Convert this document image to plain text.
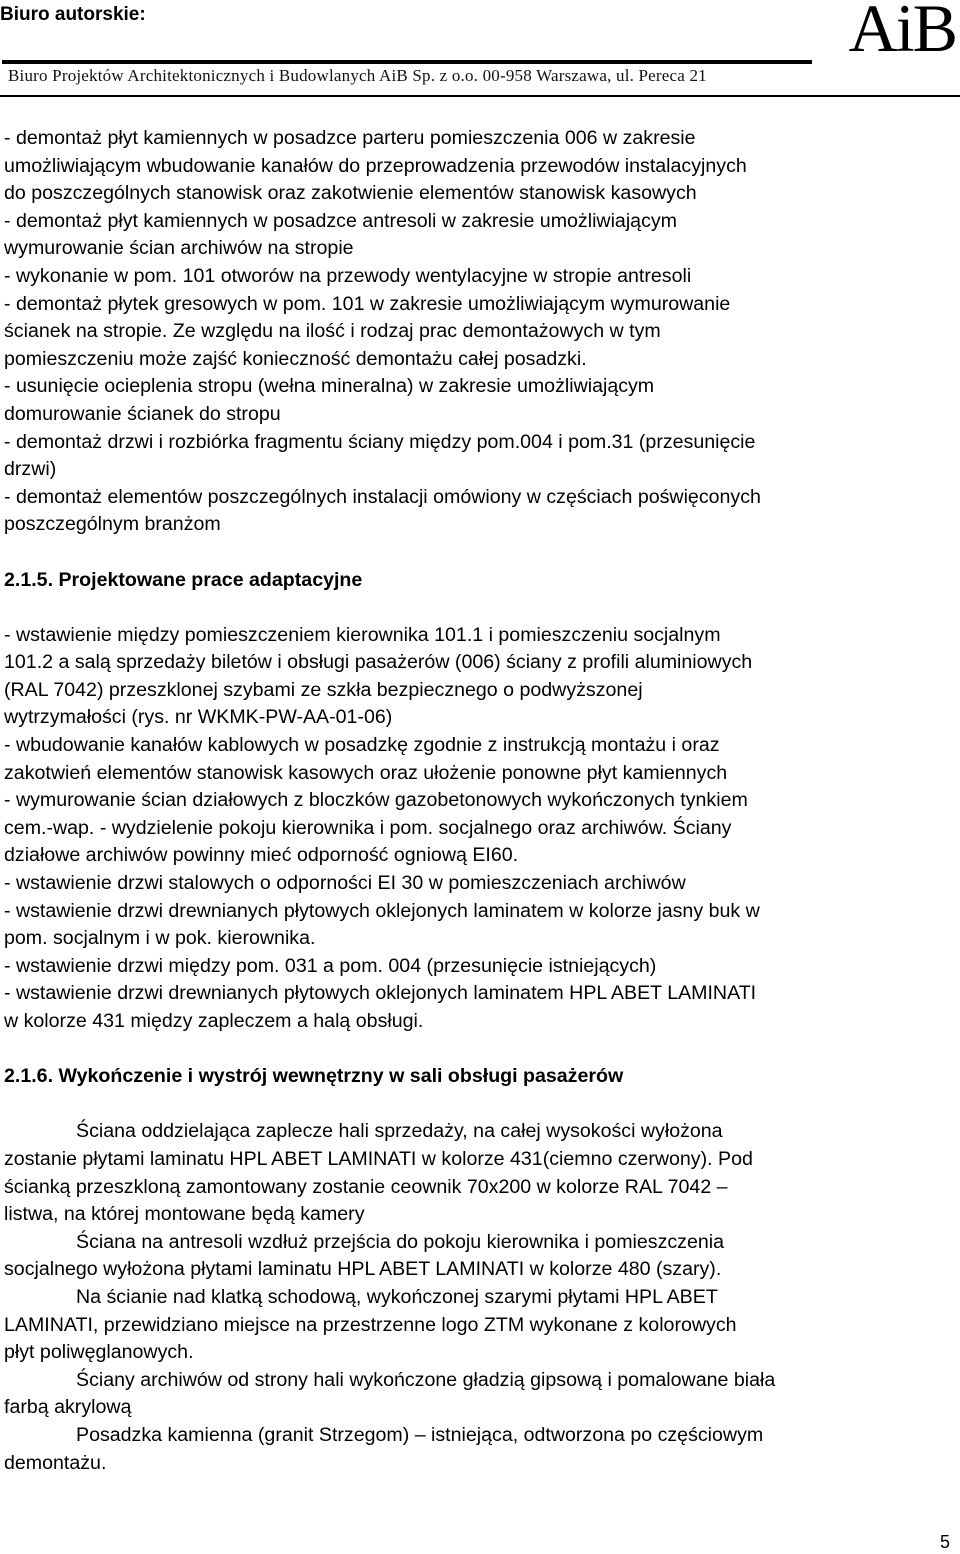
Biuro autorskie:
Biuro Projektów Architektonicznych i Budowlanych AiB Sp. z o.o. 00-958 Warszawa, ul. Pereca 21
AiB
- demontaż płyt kamiennych w posadzce parteru pomieszczenia 006 w zakresie
umożliwiającym wbudowanie kanałów do przeprowadzenia przewodów instalacyjnych
do poszczególnych stanowisk oraz zakotwienie elementów stanowisk kasowych
- demontaż płyt kamiennych w posadzce antresoli w zakresie umożliwiającym
wymurowanie ścian archiwów na stropie
- wykonanie w pom. 101 otworów na przewody wentylacyjne w stropie antresoli
- demontaż płytek gresowych w pom. 101 w zakresie umożliwiającym wymurowanie
ścianek na stropie. Ze względu na ilość i rodzaj prac demontażowych w tym
pomieszczeniu może zajść konieczność demontażu całej posadzki.
- usunięcie ocieplenia stropu (wełna mineralna) w zakresie umożliwiającym
domurowanie ścianek do stropu
- demontaż drzwi i rozbiórka fragmentu ściany między pom.004 i pom.31 (przesunięcie
drzwi)
- demontaż elementów poszczególnych instalacji omówiony w częściach poświęconych
poszczególnym branżom
2.1.5. Projektowane prace adaptacyjne
- wstawienie między pomieszczeniem kierownika 101.1 i pomieszczeniu socjalnym
101.2 a salą sprzedaży biletów i obsługi pasażerów (006) ściany z profili aluminiowych
(RAL 7042) przeszklonej szybami ze szkła bezpiecznego o podwyższonej
wytrzymałości (rys. nr WKMK-PW-AA-01-06)
- wbudowanie kanałów kablowych w posadzkę zgodnie z instrukcją montażu i oraz
zakotwień elementów stanowisk kasowych oraz ułożenie ponowne płyt kamiennych
- wymurowanie ścian działowych z bloczków gazobetonowych wykończonych tynkiem
cem.-wap. - wydzielenie pokoju kierownika i pom. socjalnego oraz archiwów. Ściany
działowe archiwów powinny mieć odporność ogniową EI60.
- wstawienie drzwi stalowych o odporności EI 30 w pomieszczeniach archiwów
- wstawienie drzwi drewnianych płytowych oklejonych laminatem w kolorze jasny buk w
pom. socjalnym i w pok. kierownika.
- wstawienie drzwi między pom. 031 a pom. 004 (przesunięcie istniejących)
- wstawienie drzwi drewnianych płytowych oklejonych laminatem HPL ABET LAMINATI
w kolorze 431 między zapleczem a halą obsługi.
2.1.6. Wykończenie i wystrój wewnętrzny w sali obsługi pasażerów
Ściana oddzielająca zaplecze hali sprzedaży, na całej wysokości wyłożona
zostanie płytami laminatu HPL ABET LAMINATI w kolorze 431(ciemno czerwony). Pod
ścianką przeszkloną zamontowany zostanie ceownik 70x200 w kolorze RAL 7042 –
listwa, na której montowane będą kamery
Ściana na antresoli wzdłuż przejścia do pokoju kierownika i pomieszczenia
socjalnego wyłożona płytami laminatu HPL ABET LAMINATI w kolorze 480 (szary).
Na ścianie nad klatką schodową, wykończonej szarymi płytami HPL ABET
LAMINATI, przewidziano miejsce na przestrzenne logo ZTM wykonane z kolorowych
płyt poliwęglanowych.
Ściany archiwów od strony hali wykończone gładzią gipsową i pomalowane biała
farbą akrylową
Posadzka kamienna (granit Strzegom) – istniejąca, odtworzona po częściowym
demontażu.
5
